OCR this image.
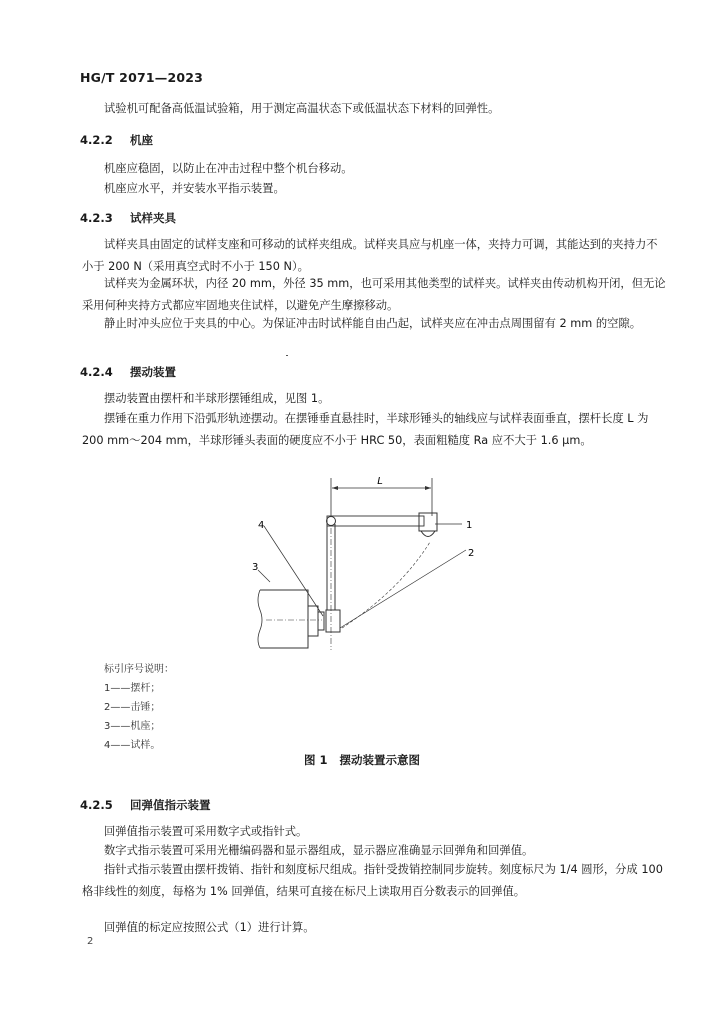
HG/T 2071—2023
试验机可配备高低温试验箱，用于测定高温状态下或低温状态下材料的回弹性。
4.2.2 机座
机座应稳固，以防止在冲击过程中整个机台移动。
机座应水平，并安装水平指示装置。
4.2.3 试样夹具
试样夹具由固定的试样支座和可移动的试样夹组成。试样夹具应与机座一体，夹持力可调，其能达到的夹持力不小于 200 N（采用真空式时不小于 150 N）。
试样夹为金属环状，内径 20 mm，外径 35 mm，也可采用其他类型的试样夹。试样夹由传动机构开闭，但无论采用何种夹持方式都应牢固地夹住试样，以避免产生摩擦移动。
静止时冲头应位于夹具的中心。为保证冲击时试样能自由凸起，试样夹应在冲击点周围留有 2 mm 的空隙。
4.2.4 摆动装置
摆动装置由摆杆和半球形摆锤组成，见图 1。
摆锤在重力作用下沿弧形轨迹摆动。在摆锤垂直悬挂时，半球形锤头的轴线应与试样表面垂直，摆杆长度 L 为 200 mm～204 mm，半球形锤头表面的硬度应不小于 HRC 50，表面粗糙度 Ra 应不大于 1.6 μm。
L
1
2
3
4
标引序号说明：
1——摆杆；
2——击锤；
3——机座；
4——试样。
图 1 摆动装置示意图
4.2.5 回弹值指示装置
回弹值指示装置可采用数字式或指针式。
数字式指示装置可采用光栅编码器和显示器组成，显示器应准确显示回弹角和回弹值。
指针式指示装置由摆杆拨销、指针和刻度标尺组成。指针受拨销控制同步旋转。刻度标尺为 1/4 圆形，分成 100 格非线性的刻度，每格为 1% 回弹值，结果可直接在标尺上读取用百分数表示的回弹值。
回弹值的标定应按照公式（1）进行计算。
2
